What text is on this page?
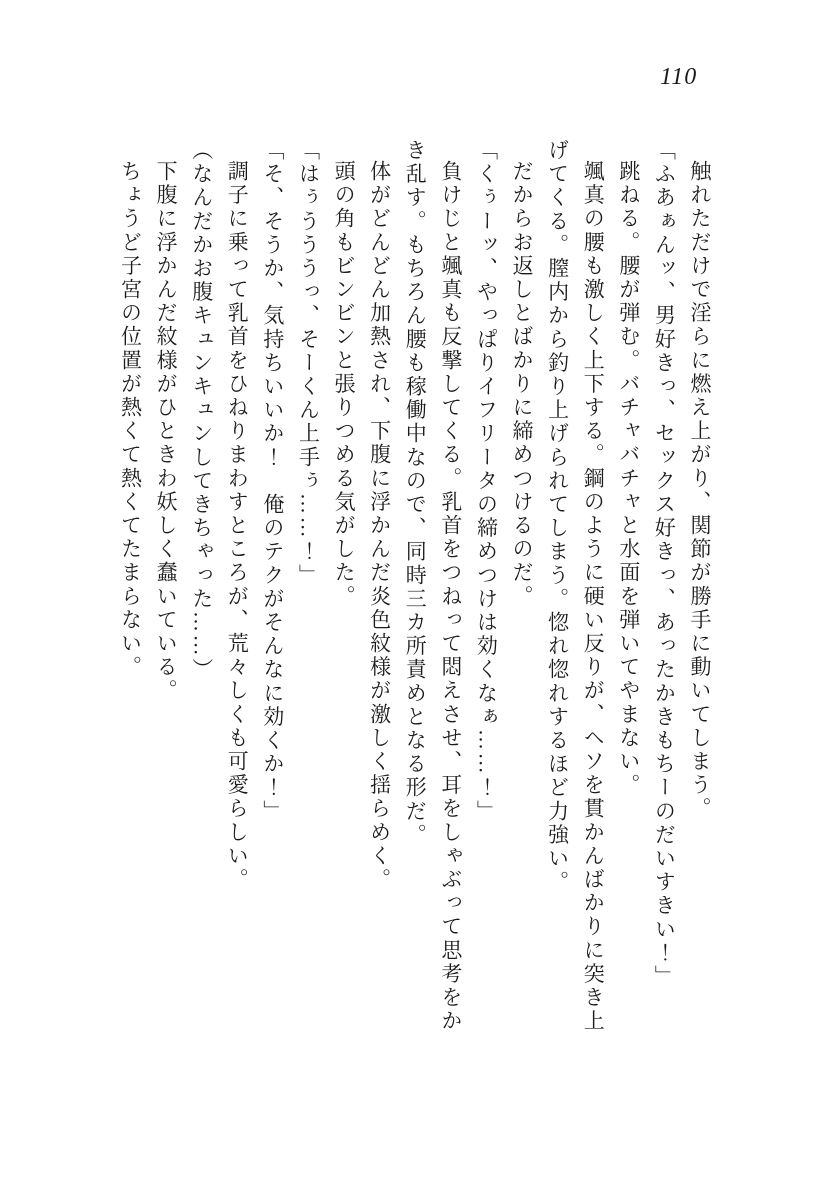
110

触れただけで淫らに燃え上がり、関節が勝手に動いてしまう。

「ふあぁんッ、男好きっ、セックス好きっ、あったかきもちーのだいすきい！」

跳ねる。腰が弾む。バチャバチャと水面を弾いてやまない。

颯真の腰も激しく上下する。鋼のように硬い反りが、ヘソを貫かんばかりに突き上げてくる。膣内から釣り上げられてしまう。惚れ惚れするほど力強い。

だからお返しとばかりに締めつけるのだ。

「くぅーッ、やっぱりイフリータの締めつけは効くなぁ……！」

負けじと颯真も反撃してくる。乳首をつねって悶えさせ、耳をしゃぶって思考をかき乱す。もちろん腰も稼働中なので、同時三カ所責めとなる形だ。

体がどんどん加熱され、下腹に浮かんだ炎色紋様が激しく揺らめく。

頭の角もビンビンと張りつめる気がした。

「はぅうううっ、そーくん上手ぅ……！」

「そ、そうか、気持ちいいか！　俺のテクがそんなに効くか！」

調子に乗って乳首をひねりまわすところが、荒々しくも可愛らしい。

（なんだかお腹キュンキュンしてきちゃった……）

下腹に浮かんだ紋様がひときわ妖しく蠢いている。

ちょうど子宮の位置が熱くて熱くてたまらない。
